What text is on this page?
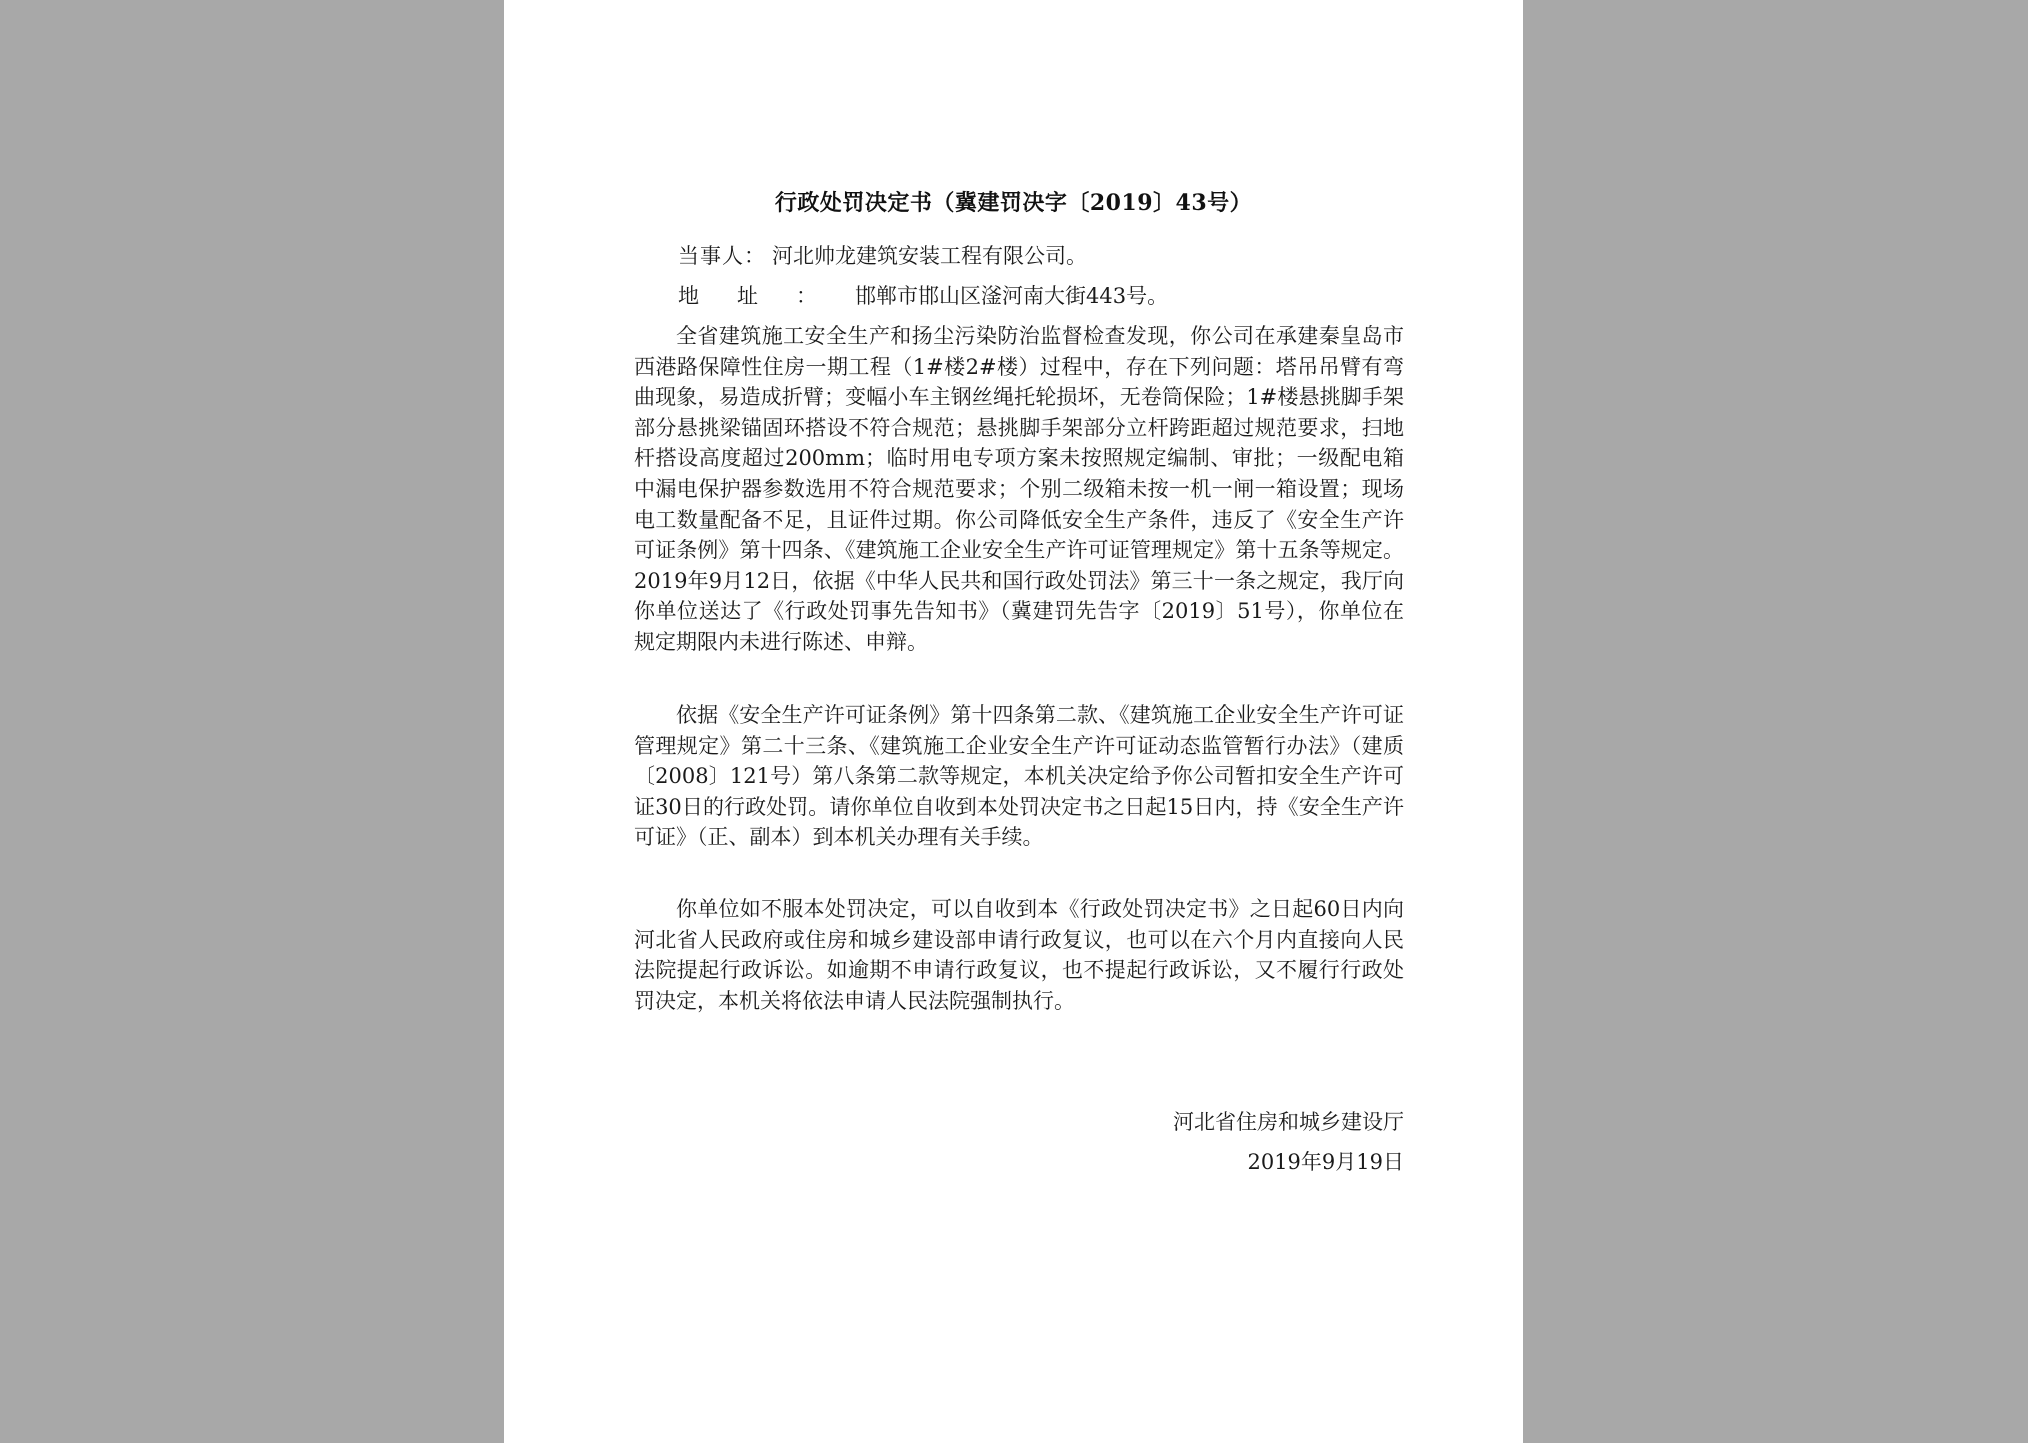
行政处罚决定书（冀建罚决字〔2019〕43号）
当事人： 河北帅龙建筑安装工程有限公司。
地址：邯郸市邯山区滏河南大街443号。

全省建筑施工安全生产和扬尘污染防治监督检查发现，你公司在承建秦皇岛市西港路保障性住房一期工程（1#楼2#楼）过程中，存在下列问题：塔吊吊臂有弯曲现象，易造成折臂；变幅小车主钢丝绳托轮损坏，无卷筒保险；1#楼悬挑脚手架部分悬挑梁锚固环搭设不符合规范；悬挑脚手架部分立杆跨距超过规范要求，扫地杆搭设高度超过200mm；临时用电专项方案未按照规定编制、审批；一级配电箱中漏电保护器参数选用不符合规范要求；个别二级箱未按一机一闸一箱设置；现场电工数量配备不足，且证件过期。你公司降低安全生产条件，违反了《安全生产许可证条例》第十四条、《建筑施工企业安全生产许可证管理规定》第十五条等规定。2019年9月12日，依据《中华人民共和国行政处罚法》第三十一条之规定，我厅向你单位送达了《行政处罚事先告知书》（冀建罚先告字〔2019〕51号），你单位在规定期限内未进行陈述、申辩。

依据《安全生产许可证条例》第十四条第二款、《建筑施工企业安全生产许可证管理规定》第二十三条、《建筑施工企业安全生产许可证动态监管暂行办法》（建质〔2008〕121号）第八条第二款等规定，本机关决定给予你公司暂扣安全生产许可证30日的行政处罚。请你单位自收到本处罚决定书之日起15日内，持《安全生产许可证》（正、副本）到本机关办理有关手续。

你单位如不服本处罚决定，可以自收到本《行政处罚决定书》之日起60日内向河北省人民政府或住房和城乡建设部申请行政复议，也可以在六个月内直接向人民法院提起行政诉讼。如逾期不申请行政复议，也不提起行政诉讼，又不履行行政处罚决定，本机关将依法申请人民法院强制执行。

河北省住房和城乡建设厅
2019年9月19日
